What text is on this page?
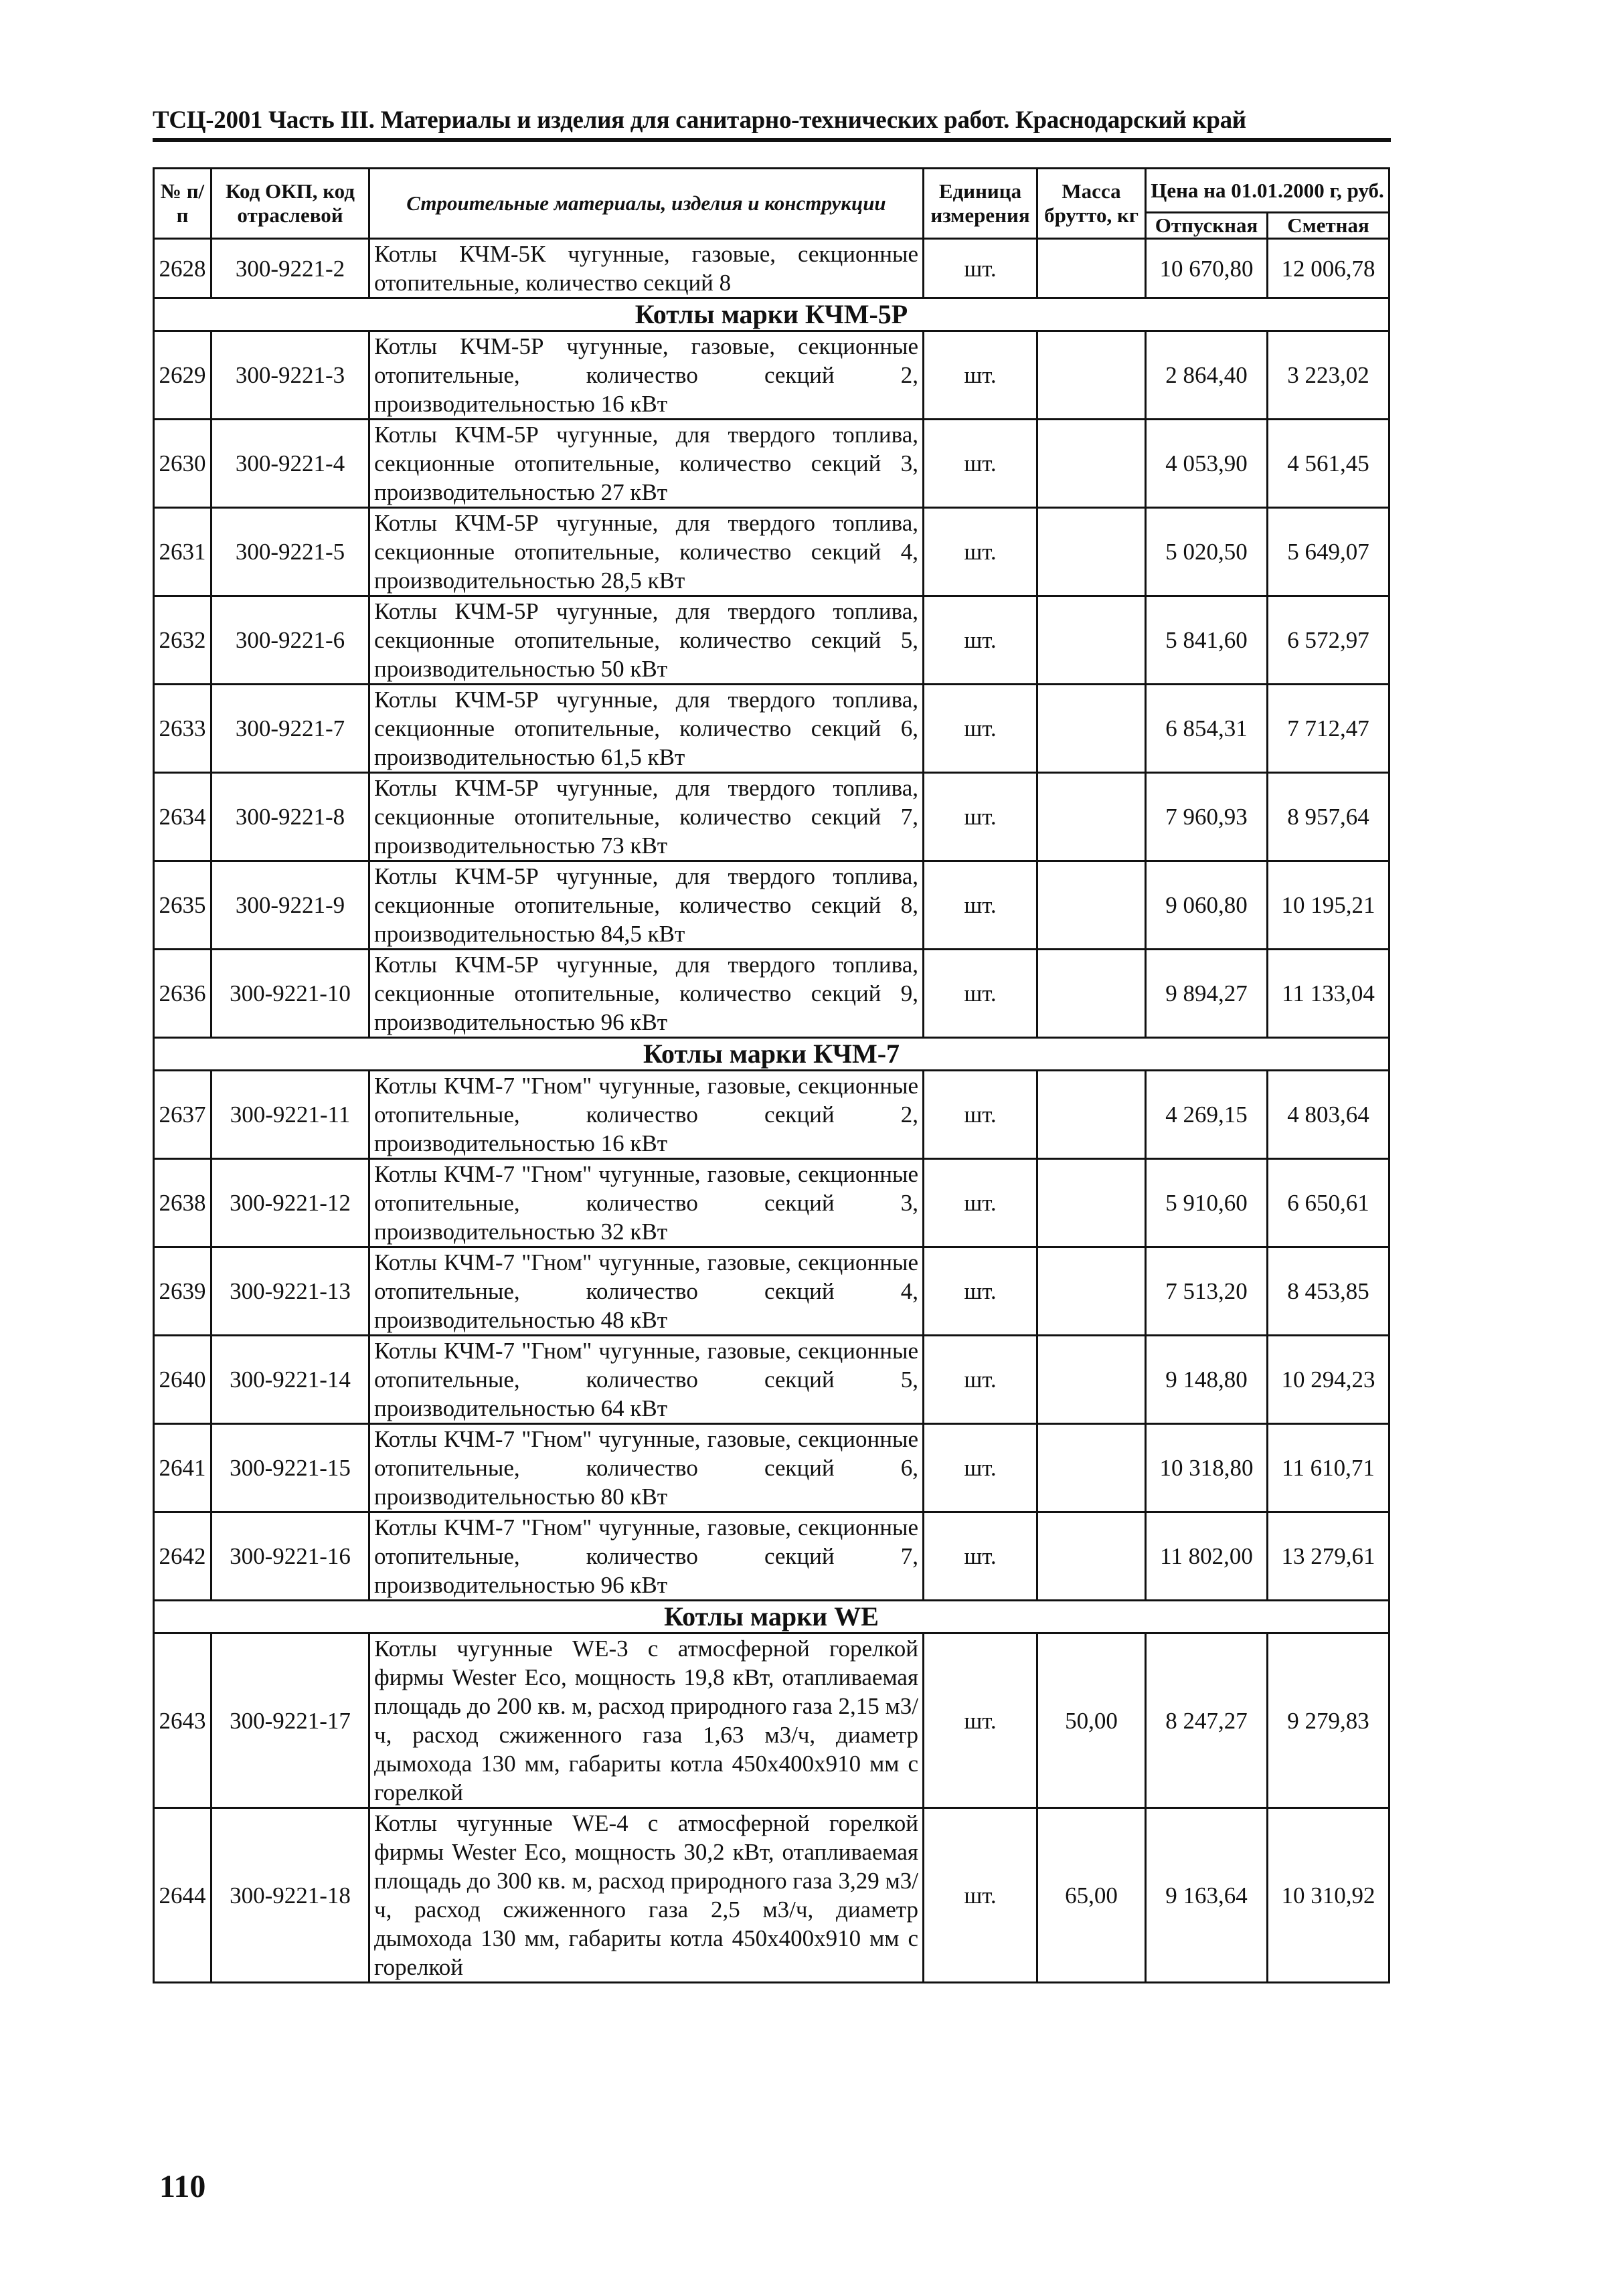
ТСЦ-2001 Часть III. Материалы и изделия для санитарно-технических работ. Краснодарский край
№ п/п	Код ОКП, код отраслевой	Строительные материалы, изделия и конструкции	Единица измерения	Масса брутто, кг	Цена на 01.01.2000 г, руб.	
					Отпускная	Сметная
2628	300-9221-2	Котлы КЧМ-5К чугунные, газовые, секционные отопительные, количество секций 8	шт.		10 670,80	12 006,78
Котлы марки КЧМ-5Р						
2629	300-9221-3	Котлы КЧМ-5Р чугунные, газовые, секционные отопительные, количество секций 2, производительностью 16 кВт	шт.		2 864,40	3 223,02
2630	300-9221-4	Котлы КЧМ-5Р чугунные, для твердого топлива, секционные отопительные, количество секций 3, производительностью 27 кВт	шт.		4 053,90	4 561,45
2631	300-9221-5	Котлы КЧМ-5Р чугунные, для твердого топлива, секционные отопительные, количество секций 4, производительностью 28,5 кВт	шт.		5 020,50	5 649,07
2632	300-9221-6	Котлы КЧМ-5Р чугунные, для твердого топлива, секционные отопительные, количество секций 5, производительностью 50 кВт	шт.		5 841,60	6 572,97
2633	300-9221-7	Котлы КЧМ-5Р чугунные, для твердого топлива, секционные отопительные, количество секций 6, производительностью 61,5 кВт	шт.		6 854,31	7 712,47
2634	300-9221-8	Котлы КЧМ-5Р чугунные, для твердого топлива, секционные отопительные, количество секций 7, производительностью 73 кВт	шт.		7 960,93	8 957,64
2635	300-9221-9	Котлы КЧМ-5Р чугунные, для твердого топлива, секционные отопительные, количество секций 8, производительностью 84,5 кВт	шт.		9 060,80	10 195,21
2636	300-9221-10	Котлы КЧМ-5Р чугунные, для твердого топлива, секционные отопительные, количество секций 9, производительностью 96 кВт	шт.		9 894,27	11 133,04
Котлы марки КЧМ-7						
2637	300-9221-11	Котлы КЧМ-7 "Гном" чугунные, газовые, секционные отопительные, количество секций 2, производительностью 16 кВт	шт.		4 269,15	4 803,64
2638	300-9221-12	Котлы КЧМ-7 "Гном" чугунные, газовые, секционные отопительные, количество секций 3, производительностью 32 кВт	шт.		5 910,60	6 650,61
2639	300-9221-13	Котлы КЧМ-7 "Гном" чугунные, газовые, секционные отопительные, количество секций 4, производительностью 48 кВт	шт.		7 513,20	8 453,85
2640	300-9221-14	Котлы КЧМ-7 "Гном" чугунные, газовые, секционные отопительные, количество секций 5, производительностью 64 кВт	шт.		9 148,80	10 294,23
2641	300-9221-15	Котлы КЧМ-7 "Гном" чугунные, газовые, секционные отопительные, количество секций 6, производительностью 80 кВт	шт.		10 318,80	11 610,71
2642	300-9221-16	Котлы КЧМ-7 "Гном" чугунные, газовые, секционные отопительные, количество секций 7, производительностью 96 кВт	шт.		11 802,00	13 279,61
Котлы марки WE						
2643	300-9221-17	Котлы чугунные WE-3 с атмосферной горелкой фирмы Wester Eco, мощность 19,8 кВт, отапливаемая площадь до 200 кв. м, расход природного газа 2,15 м3/ч, расход сжиженного газа 1,63 м3/ч, диаметр дымохода 130 мм, габариты котла 450х400х910 мм с горелкой	шт.	50,00	8 247,27	9 279,83
2644	300-9221-18	Котлы чугунные WE-4 с атмосферной горелкой фирмы Wester Eco, мощность 30,2 кВт, отапливаемая площадь до 300 кв. м, расход природного газа 3,29 м3/ч, расход сжиженного газа 2,5 м3/ч, диаметр дымохода 130 мм, габариты котла 450х400х910 мм с горелкой	шт.	65,00	9 163,64	10 310,92
110
